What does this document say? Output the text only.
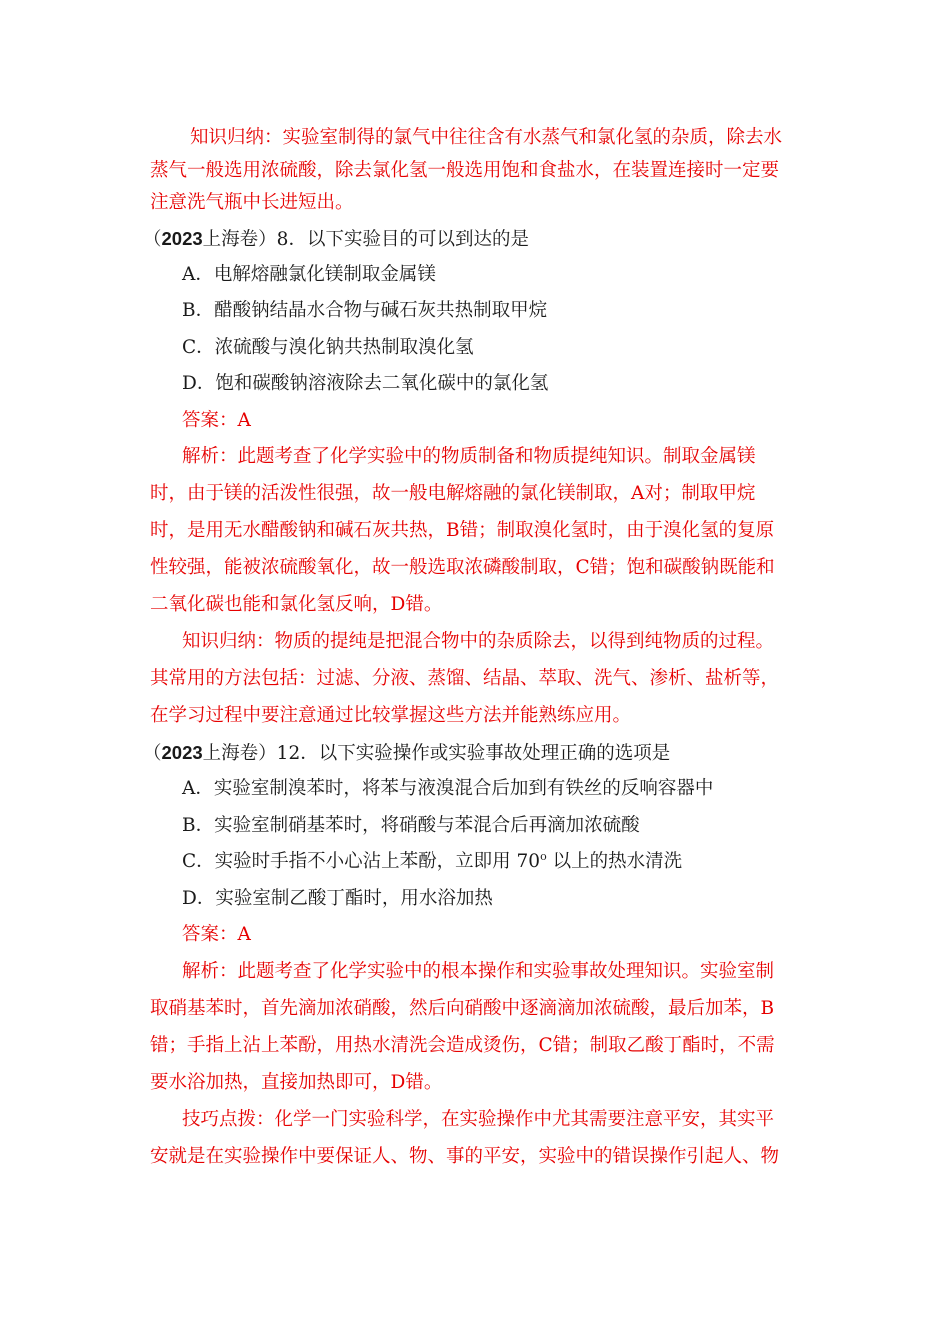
知识归纳：实验室制得的氯气中往往含有水蒸气和氯化氢的杂质，除去水
蒸气一般选用浓硫酸，除去氯化氢一般选用饱和食盐水，在装置连接时一定要
注意洗气瓶中长进短出。
（2023上海卷）8．以下实验目的可以到达的是
A．电解熔融氯化镁制取金属镁
B．醋酸钠结晶水合物与碱石灰共热制取甲烷
C．浓硫酸与溴化钠共热制取溴化氢
D．饱和碳酸钠溶液除去二氧化碳中的氯化氢
答案：A
解析：此题考查了化学实验中的物质制备和物质提纯知识。制取金属镁
时，由于镁的活泼性很强，故一般电解熔融的氯化镁制取，A对；制取甲烷
时，是用无水醋酸钠和碱石灰共热，B错；制取溴化氢时，由于溴化氢的复原
性较强，能被浓硫酸氧化，故一般选取浓磷酸制取，C错；饱和碳酸钠既能和
二氧化碳也能和氯化氢反响，D错。
知识归纳：物质的提纯是把混合物中的杂质除去，以得到纯物质的过程。
其常用的方法包括：过滤、分液、蒸馏、结晶、萃取、洗气、渗析、盐析等，
在学习过程中要注意通过比较掌握这些方法并能熟练应用。
（2023上海卷）12．以下实验操作或实验事故处理正确的选项是
A．实验室制溴苯时，将苯与液溴混合后加到有铁丝的反响容器中
B．实验室制硝基苯时，将硝酸与苯混合后再滴加浓硫酸
C．实验时手指不小心沾上苯酚，立即用 70$^o$ 以上的热水清洗
D．实验室制乙酸丁酯时，用水浴加热
答案：A
解析：此题考查了化学实验中的根本操作和实验事故处理知识。实验室制
取硝基苯时，首先滴加浓硝酸，然后向硝酸中逐滴滴加浓硫酸，最后加苯，B
错；手指上沾上苯酚，用热水清洗会造成烫伤，C错；制取乙酸丁酯时，不需
要水浴加热，直接加热即可，D错。
技巧点拨：化学一门实验科学，在实验操作中尤其需要注意平安，其实平
安就是在实验操作中要保证人、物、事的平安，实验中的错误操作引起人、物
